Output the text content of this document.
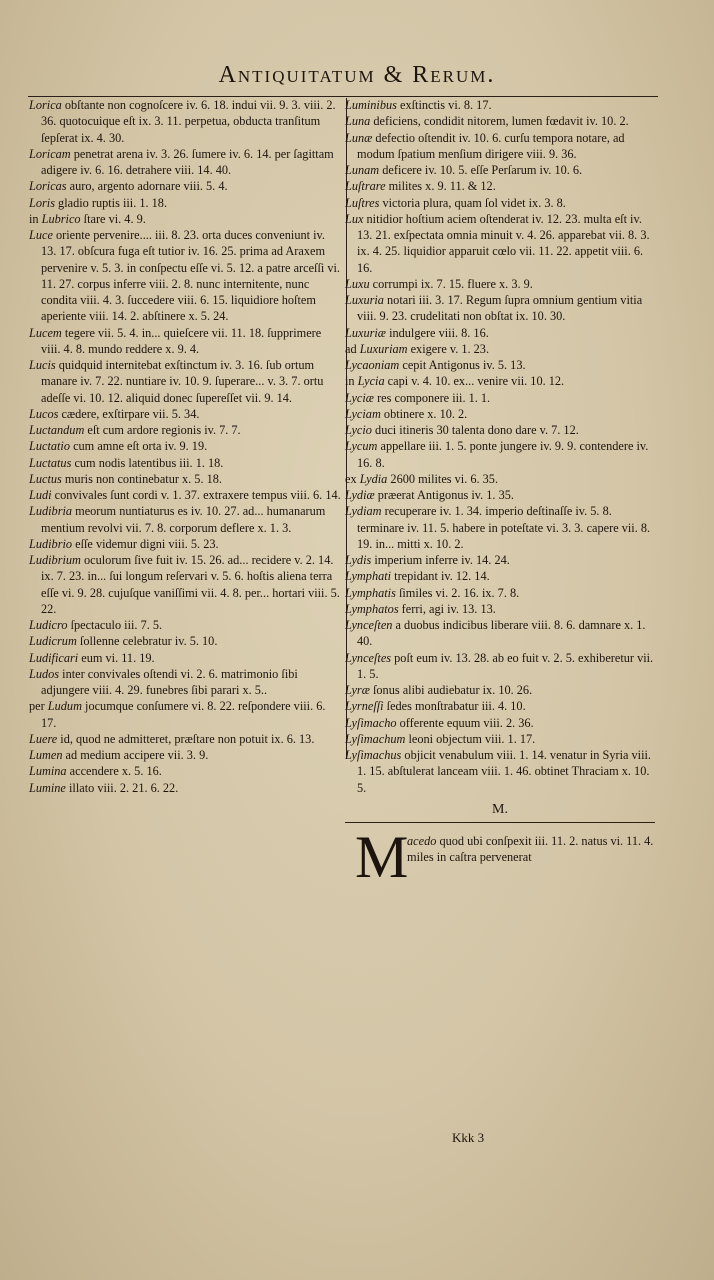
Antiquitatum & Rerum.

Lorica obſtante non cognoſcere iv. 6. 18. indui vii. 9. 3. viii. 2. 36. quotocuique eſt ix. 3. 11. perpetua, obducta tranſitum ſepſerat ix. 4. 30.

Loricam penetrat arena iv. 3. 26. ſumere iv. 6. 14. per ſagittam adigere iv. 6. 16. detrahere viii. 14. 40.

Loricas auro, argento adornare viii. 5. 4.

Loris gladio ruptis iii. 1. 18.

in Lubrico ſtare vi. 4. 9.

Luce oriente pervenire.... iii. 8. 23. orta duces conveniunt iv. 13. 17. obſcura fuga eſt tutior iv. 16. 25. prima ad Araxem pervenire v. 5. 3. in conſpectu eſſe vi. 5. 12. a patre arceſſi vi. 11. 27. corpus inferre viii. 2. 8. nunc internitente, nunc condita viii. 4. 3. ſuccedere viii. 6. 15. liquidiore hoſtem aperiente viii. 14. 2. abſtinere x. 5. 24.

Lucem tegere vii. 5. 4. in... quieſcere vii. 11. 18. ſupprimere viii. 4. 8. mundo reddere x. 9. 4.

Lucis quidquid internitebat exſtinctum iv. 3. 16. ſub ortum manare iv. 7. 22. nuntiare iv. 10. 9. ſuperare... v. 3. 7. ortu adeſſe vi. 10. 12. aliquid donec ſupereſſet vii. 9. 14.

Lucos cædere, exſtirpare vii. 5. 34.

Luctandum eſt cum ardore regionis iv. 7. 7.

Luctatio cum amne eſt orta iv. 9. 19.

Luctatus cum nodis latentibus iii. 1. 18.

Luctus muris non continebatur x. 5. 18.

Ludi convivales ſunt cordi v. 1. 37. extraxere tempus viii. 6. 14.

Ludibria meorum nuntiaturus es iv. 10. 27. ad... humanarum mentium revolvi vii. 7. 8. corporum deflere x. 1. 3.

Ludibrio eſſe videmur digni viii. 5. 23.

Ludibrium oculorum ſive fuit iv. 15. 26. ad... recidere v. 2. 14. ix. 7. 23. in... ſui longum reſervari v. 5. 6. hoſtis aliena terra eſſe vi. 9. 28. cujuſque vaniſſimi vii. 4. 8. per... hortari viii. 5. 22.

Ludicro ſpectaculo iii. 7. 5.

Ludicrum ſollenne celebratur iv. 5. 10.

Ludificari eum vi. 11. 19.

Ludos inter convivales oſtendi vi. 2. 6. matrimonio ſibi adjungere viii. 4. 29. funebres ſibi parari x. 5..

per Ludum jocumque conſumere vi. 8. 22. reſpondere viii. 6. 17.

Luere id, quod ne admitteret, præſtare non potuit ix. 6. 13.

Lumen ad medium accipere vii. 3. 9.

Lumina accendere x. 5. 16.

Lumine illato viii. 2. 21. 6. 22.

Luminibus exſtinctis vi. 8. 17.

Luna deficiens, condidit nitorem, lumen fœdavit iv. 10. 2.

Lunæ defectio oſtendit iv. 10. 6. curſu tempora notare, ad modum ſpatium menſium dirigere viii. 9. 36.

Lunam deficere iv. 10. 5. eſſe Perſarum iv. 10. 6.

Luſtrare milites x. 9. 11. & 12.

Luſtres victoria plura, quam ſol videt ix. 3. 8.

Lux nitidior hoſtium aciem oſtenderat iv. 12. 23. multa eſt iv. 13. 21. exſpectata omnia minuit v. 4. 26. apparebat vii. 8. 3. ix. 4. 25. liquidior apparuit cœlo vii. 11. 22. appetit viii. 6. 16.

Luxu corrumpi ix. 7. 15. fluere x. 3. 9.

Luxuria notari iii. 3. 17. Regum ſupra omnium gentium vitia viii. 9. 23. crudelitati non obſtat ix. 10. 30.

Luxuriæ indulgere viii. 8. 16.

ad Luxuriam exigere v. 1. 23.

Lycaoniam cepit Antigonus iv. 5. 13.

in Lycia capi v. 4. 10. ex... venire vii. 10. 12.

Lyciæ res componere iii. 1. 1.

Lyciam obtinere x. 10. 2.

Lycio duci itineris 30 talenta dono dare v. 7. 12.

Lycum appellare iii. 1. 5. ponte jungere iv. 9. 9. contendere iv. 16. 8.

ex Lydia 2600 milites vi. 6. 35.

Lydiæ præerat Antigonus iv. 1. 35.

Lydiam recuperare iv. 1. 34. imperio deſtinaſſe iv. 5. 8. terminare iv. 11. 5. habere in poteſtate vi. 3. 3. capere vii. 8. 19. in... mitti x. 10. 2.

Lydis imperium inferre iv. 14. 24.

Lymphati trepidant iv. 12. 14.

Lymphatis ſimiles vi. 2. 16. ix. 7. 8.

Lymphatos ferri, agi iv. 13. 13.

Lynceſten a duobus indicibus liberare viii. 8. 6. damnare x. 1. 40.

Lynceſtes poſt eum iv. 13. 28. ab eo fuit v. 2. 5. exhiberetur vii. 1. 5.

Lyræ ſonus alibi audiebatur ix. 10. 26.

Lyrneſſi ſedes monſtrabatur iii. 4. 10.

Lyſimacho offerente equum viii. 2. 36.

Lyſimachum leoni objectum viii. 1. 17.

Lyſimachus objicit venabulum viii. 1. 14. venatur in Syria viii. 1. 15. abſtulerat lanceam viii. 1. 46. obtinet Thraciam x. 10. 5.

M.
M
acedo quod ubi conſpexit iii. 11. 2. natus vi. 11. 4. miles in caſtra pervenerat
Kkk 3
